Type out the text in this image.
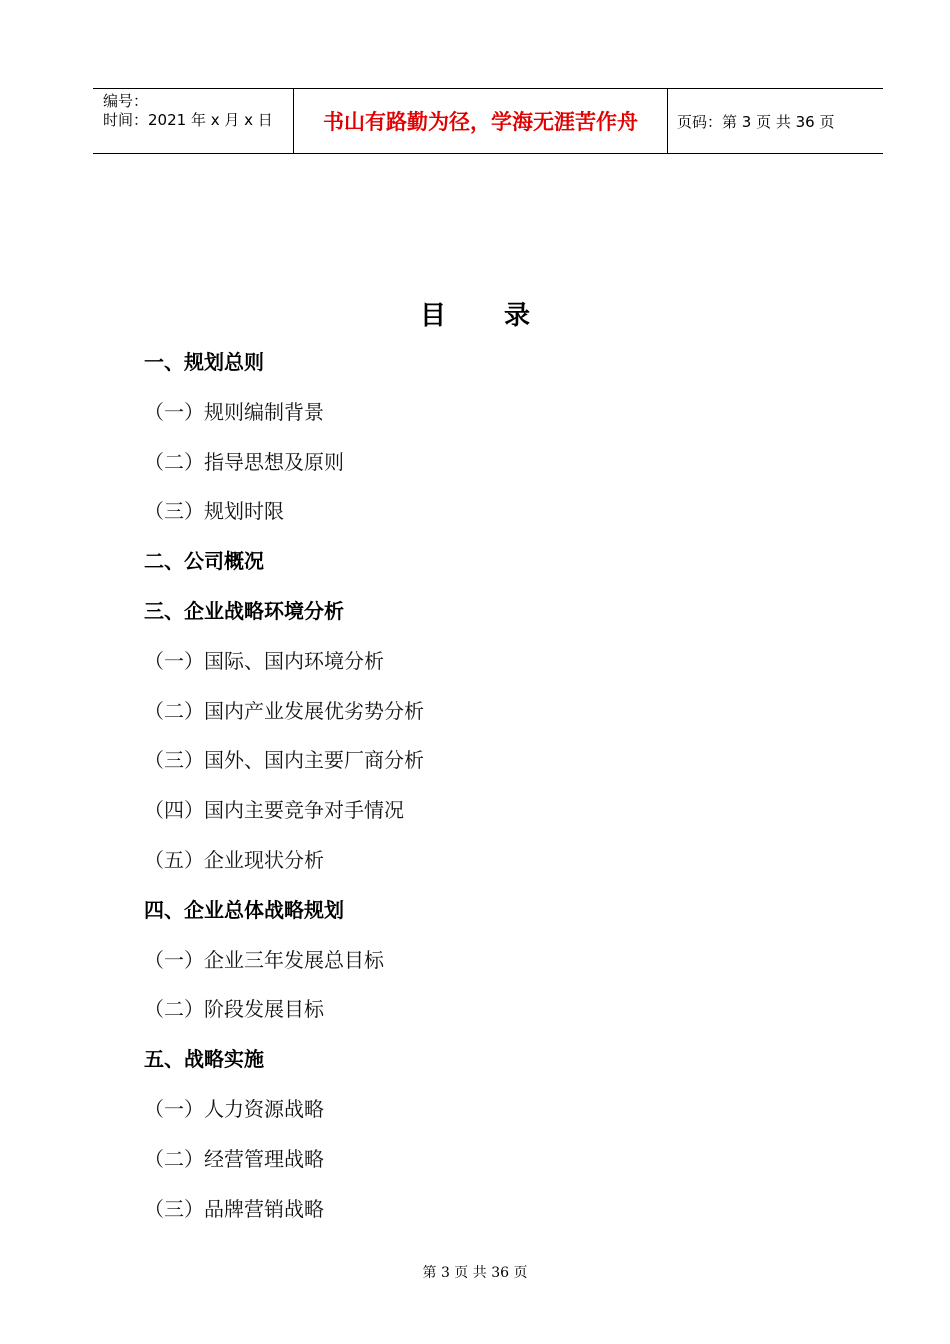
编号：
时间：2021 年 x 月 x 日	书山有路勤为径，学海无涯苦作舟	页码：第 3 页 共 36 页
目录
一、规划总则
（一）规则编制背景
（二）指导思想及原则
（三）规划时限
二、公司概况
三、企业战略环境分析
（一）国际、国内环境分析
（二）国内产业发展优劣势分析
（三）国外、国内主要厂商分析
（四）国内主要竞争对手情况
（五）企业现状分析
四、企业总体战略规划
（一）企业三年发展总目标
（二）阶段发展目标
五、战略实施
（一）人力资源战略
（二）经营管理战略
（三）品牌营销战略
第 3 页 共 36 页
